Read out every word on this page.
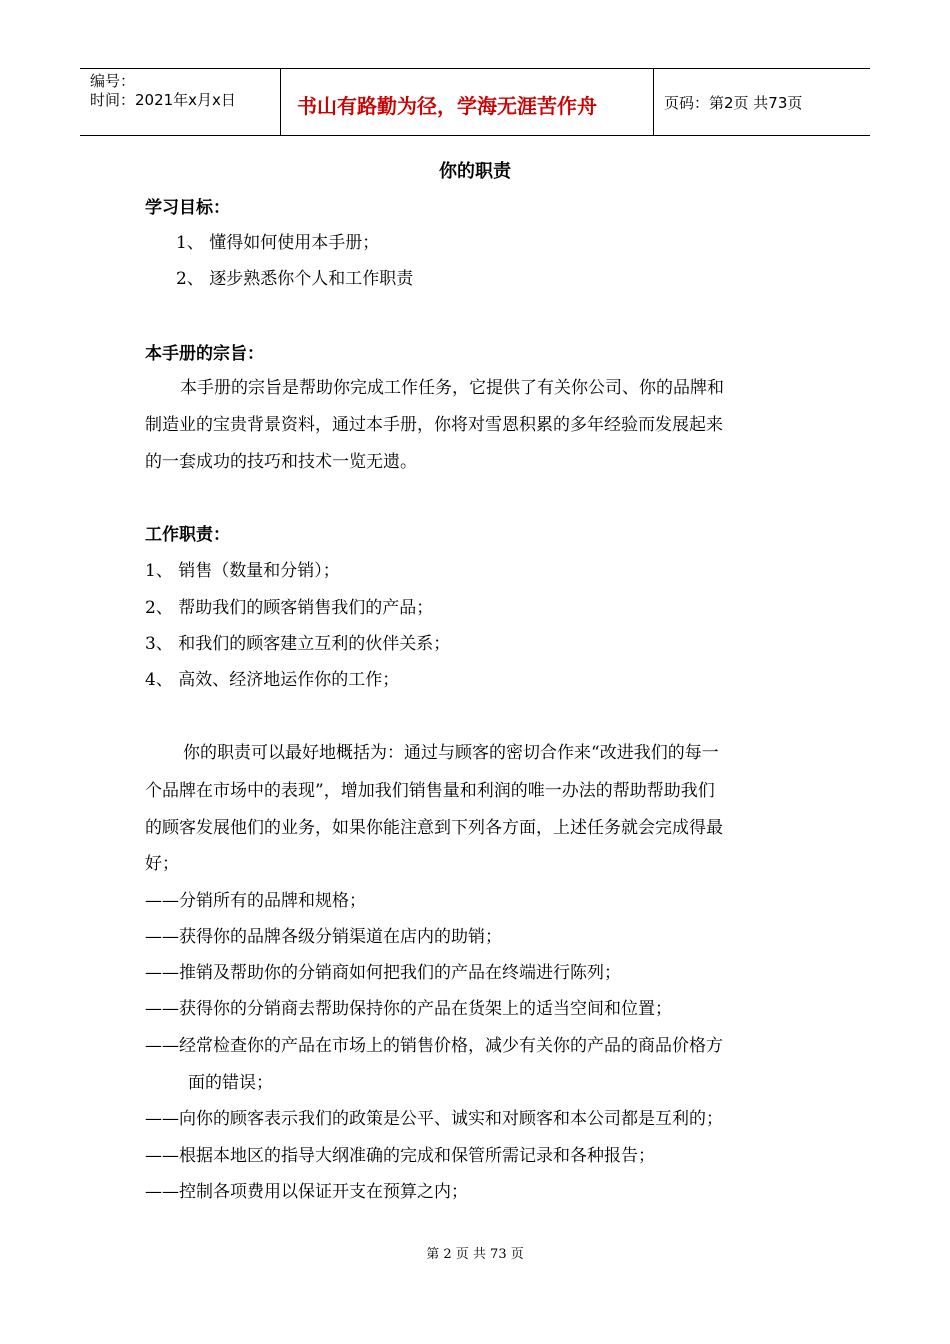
编号：
时间：2021年x月x日	书山有路勤为径，学海无涯苦作舟	页码：第2页 共73页
你的职责
学习目标：
1、 懂得如何使用本手册；
2、 逐步熟悉你个人和工作职责
本手册的宗旨：
本手册的宗旨是帮助你完成工作任务，它提供了有关你公司、你的品牌和
制造业的宝贵背景资料，通过本手册，你将对雪恩积累的多年经验而发展起来
的一套成功的技巧和技术一览无遗。
工作职责：
1、 销售（数量和分销）；
2、 帮助我们的顾客销售我们的产品；
3、 和我们的顾客建立互利的伙伴关系；
4、 高效、经济地运作你的工作；
你的职责可以最好地概括为：通过与顾客的密切合作来“改进我们的每一
个品牌在市场中的表现”，增加我们销售量和利润的唯一办法的帮助帮助我们
的顾客发展他们的业务，如果你能注意到下列各方面，上述任务就会完成得最
好；
——分销所有的品牌和规格；
——获得你的品牌各级分销渠道在店内的助销；
——推销及帮助你的分销商如何把我们的产品在终端进行陈列；
——获得你的分销商去帮助保持你的产品在货架上的适当空间和位置；
——经常检查你的产品在市场上的销售价格，减少有关你的产品的商品价格方
面的错误；
——向你的顾客表示我们的政策是公平、诚实和对顾客和本公司都是互利的；
——根据本地区的指导大纲准确的完成和保管所需记录和各种报告；
——控制各项费用以保证开支在预算之内；
第 2 页 共 73 页
